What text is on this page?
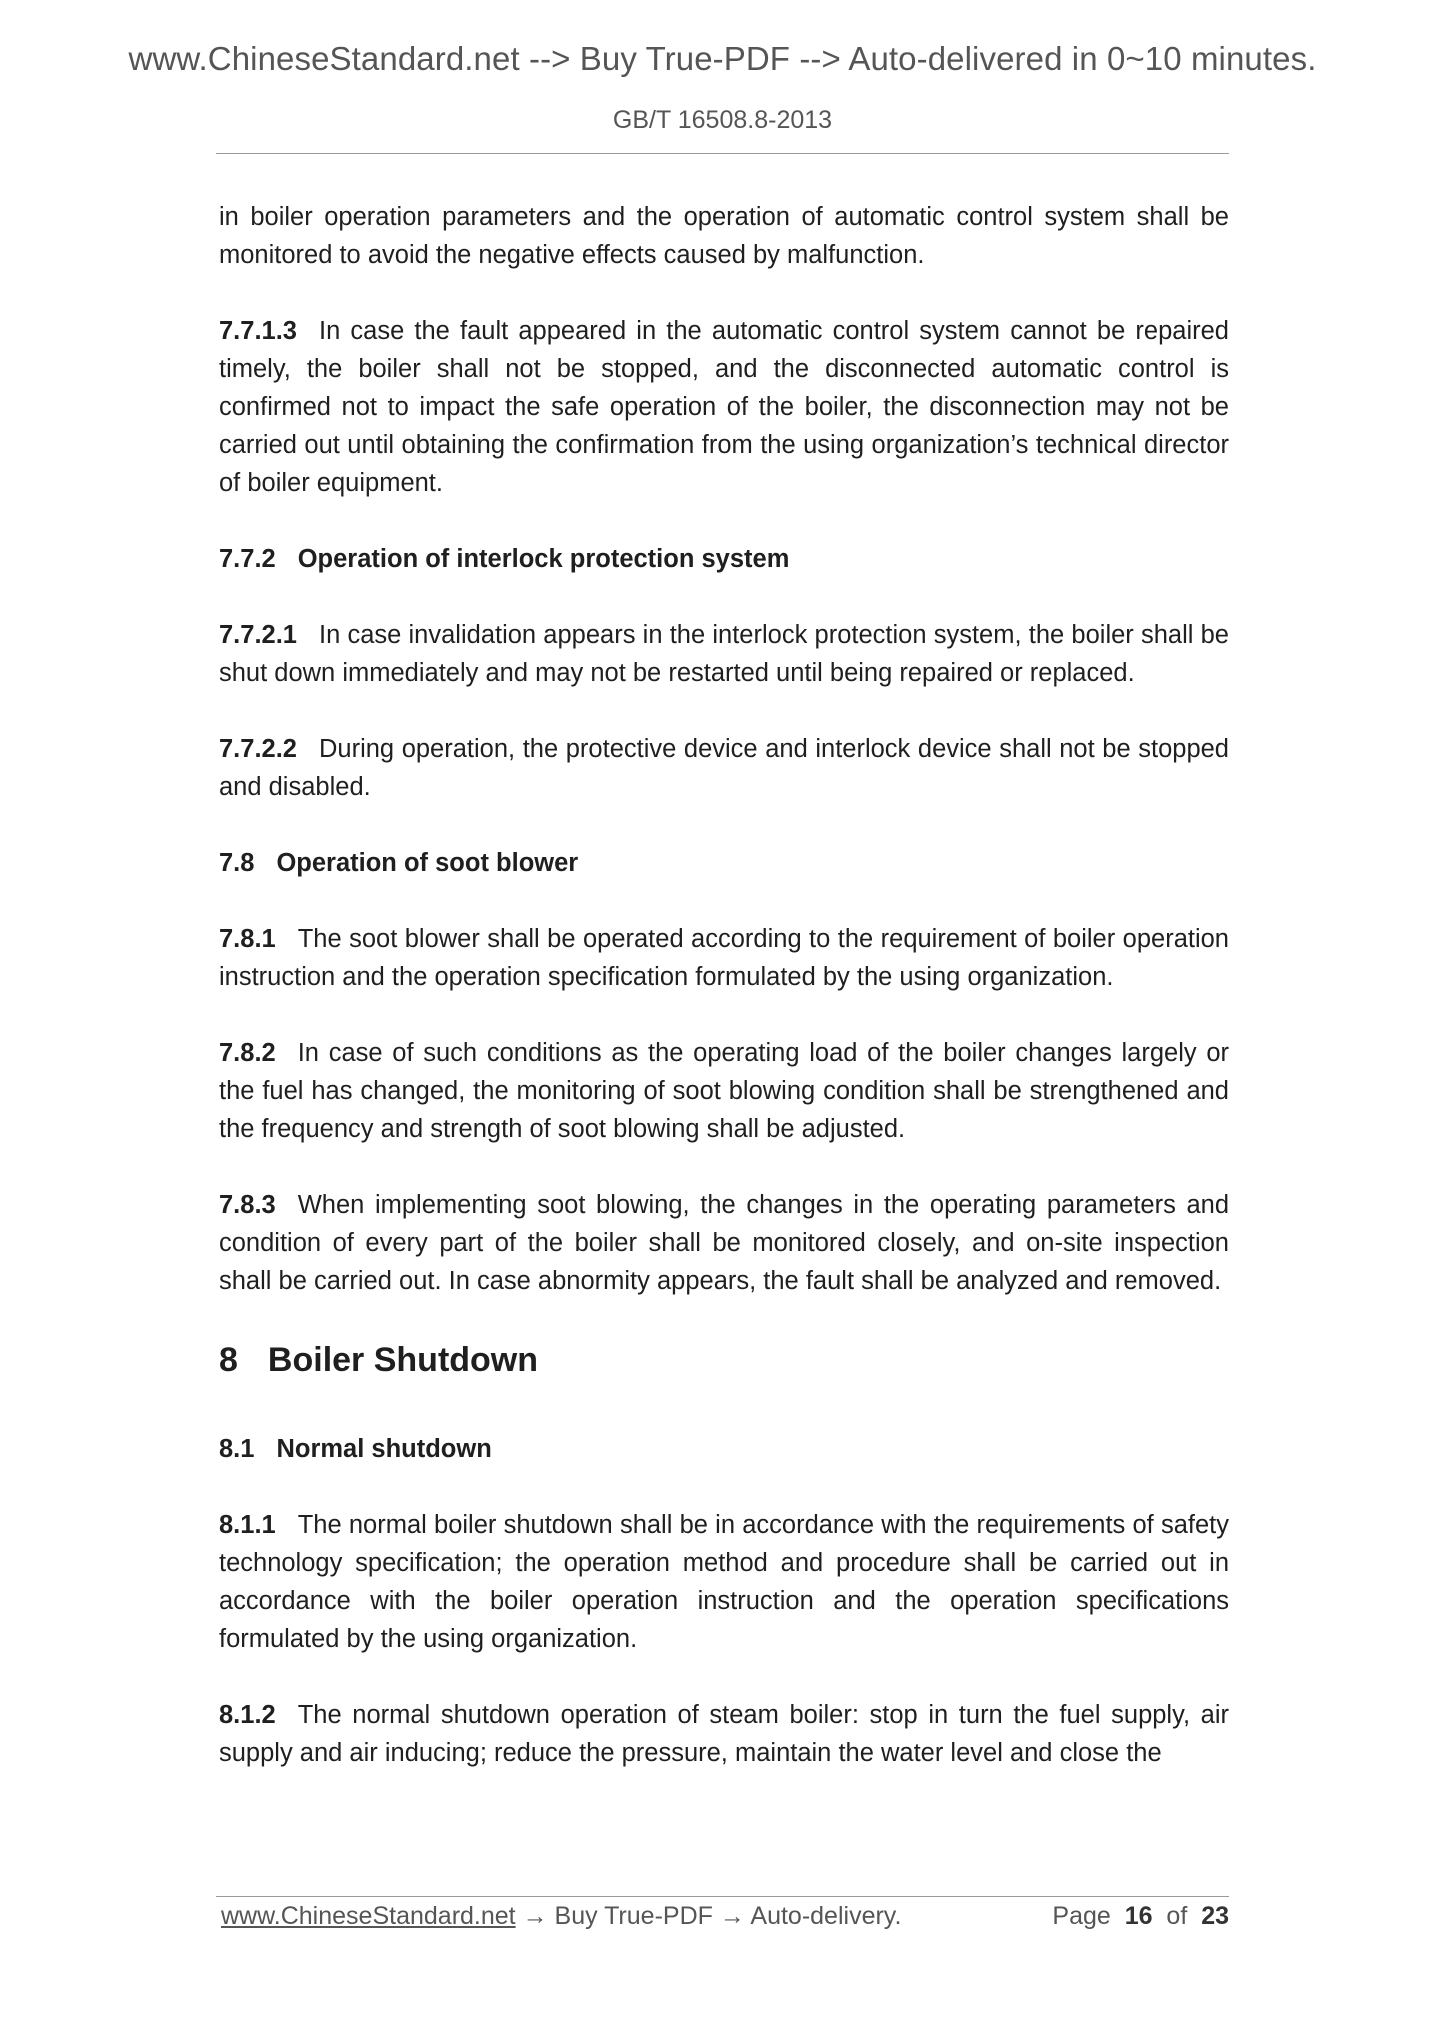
www.ChineseStandard.net --> Buy True-PDF --> Auto-delivered in 0~10 minutes.
GB/T 16508.8-2013

in boiler operation parameters and the operation of automatic control system shall be monitored to avoid the negative effects caused by malfunction.

7.7.1.3 In case the fault appeared in the automatic control system cannot be repaired timely, the boiler shall not be stopped, and the disconnected automatic control is confirmed not to impact the safe operation of the boiler, the disconnection may not be carried out until obtaining the confirmation from the using organization’s technical director of boiler equipment.

7.7.2 Operation of interlock protection system

7.7.2.1 In case invalidation appears in the interlock protection system, the boiler shall be shut down immediately and may not be restarted until being repaired or replaced.

7.7.2.2 During operation, the protective device and interlock device shall not be stopped and disabled.

7.8 Operation of soot blower

7.8.1 The soot blower shall be operated according to the requirement of boiler operation instruction and the operation specification formulated by the using organization.

7.8.2 In case of such conditions as the operating load of the boiler changes largely or the fuel has changed, the monitoring of soot blowing condition shall be strengthened and the frequency and strength of soot blowing shall be adjusted.

7.8.3 When implementing soot blowing, the changes in the operating parameters and condition of every part of the boiler shall be monitored closely, and on-site inspection shall be carried out. In case abnormity appears, the fault shall be analyzed and removed.

8 Boiler Shutdown
8.1 Normal shutdown

8.1.1 The normal boiler shutdown shall be in accordance with the requirements of safety technology specification; the operation method and procedure shall be carried out in accordance with the boiler operation instruction and the operation specifications formulated by the using organization.

8.1.2 The normal shutdown operation of steam boiler: stop in turn the fuel supply, air supply and air inducing; reduce the pressure, maintain the water level and close the

www.ChineseStandard.net → Buy True-PDF → Auto-delivery.	Page 16 of 23
